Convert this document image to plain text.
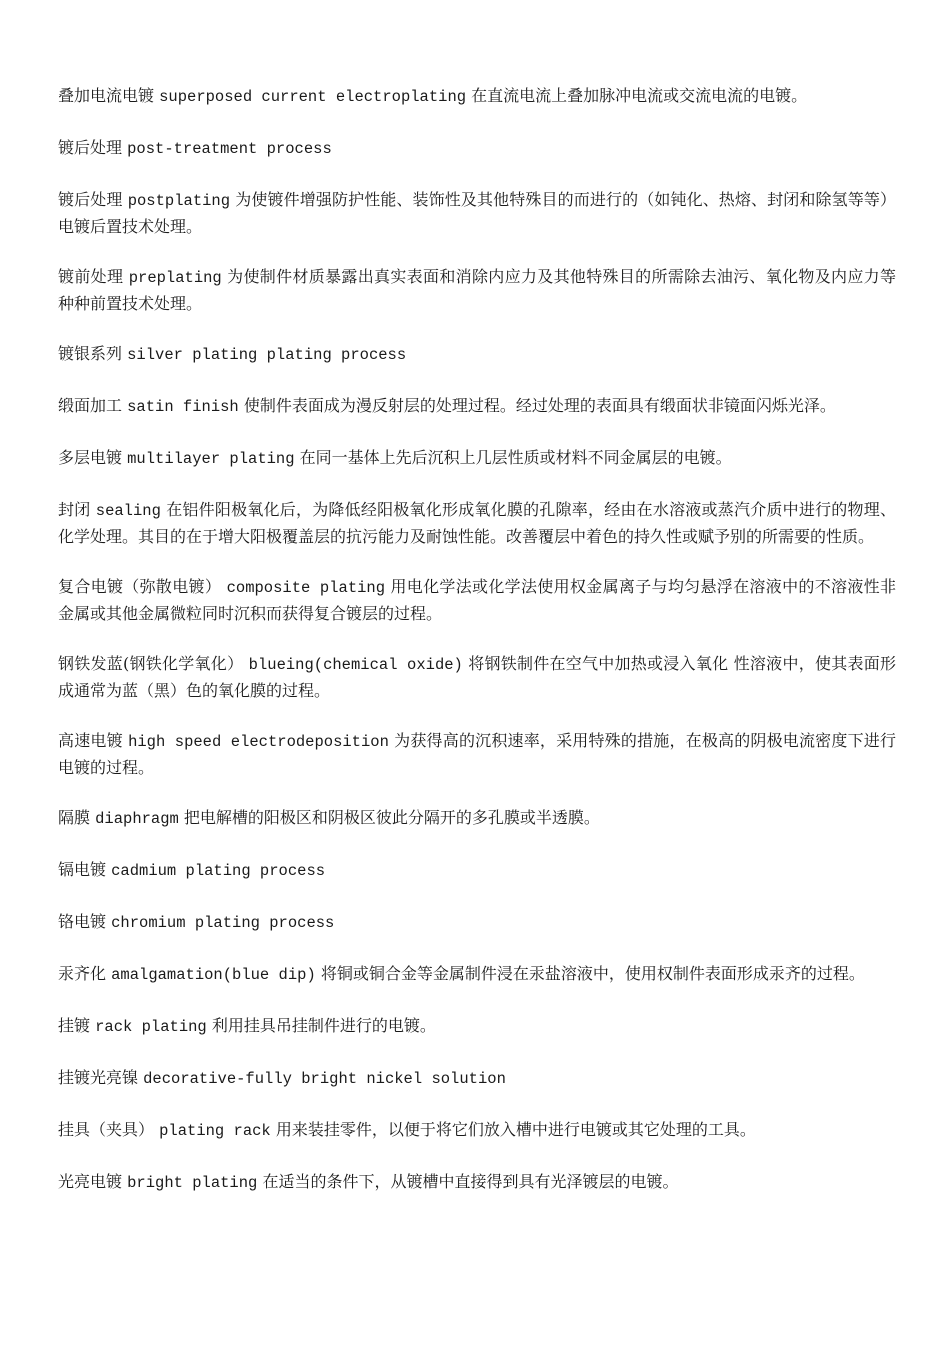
叠加电流电镀 superposed current electroplating 在直流电流上叠加脉冲电流或交流电流的电镀。

镀后处理 post-treatment process

镀后处理 postplating 为使镀件增强防护性能、装饰性及其他特殊目的而进行的（如钝化、热熔、封闭和除氢等等）电镀后置技术处理。

镀前处理 preplating 为使制件材质暴露出真实表面和消除内应力及其他特殊目的所需除去油污、氧化物及内应力等种种前置技术处理。

镀银系列 silver plating plating process

缎面加工 satin finish 使制件表面成为漫反射层的处理过程。经过处理的表面具有缎面状非镜面闪烁光泽。

多层电镀 multilayer plating 在同一基体上先后沉积上几层性质或材料不同金属层的电镀。

封闭 sealing 在铝件阳极氧化后，为降低经阳极氧化形成氧化膜的孔隙率，经由在水溶液或蒸汽介质中进行的物理、化学处理。其目的在于增大阳极覆盖层的抗污能力及耐蚀性能。改善覆层中着色的持久性或赋予别的所需要的性质。

复合电镀（弥散电镀） composite plating 用电化学法或化学法使用权金属离子与均匀悬浮在溶液中的不溶液性非金属或其他金属微粒同时沉积而获得复合镀层的过程。

钢铁发蓝(钢铁化学氧化） blueing(chemical oxide) 将钢铁制件在空气中加热或浸入氧化 性溶液中，使其表面形成通常为蓝（黑）色的氧化膜的过程。

高速电镀 high speed electrodeposition 为获得高的沉积速率，采用特殊的措施，在极高的阴极电流密度下进行电镀的过程。

隔膜 diaphragm 把电解槽的阳极区和阴极区彼此分隔开的多孔膜或半透膜。

镉电镀 cadmium plating process

铬电镀 chromium plating process

汞齐化 amalgamation(blue dip) 将铜或铜合金等金属制件浸在汞盐溶液中，使用权制件表面形成汞齐的过程。

挂镀 rack plating 利用挂具吊挂制件进行的电镀。

挂镀光亮镍 decorative-fully bright nickel solution

挂具（夹具） plating rack 用来装挂零件，以便于将它们放入槽中进行电镀或其它处理的工具。

光亮电镀 bright plating 在适当的条件下，从镀槽中直接得到具有光泽镀层的电镀。
